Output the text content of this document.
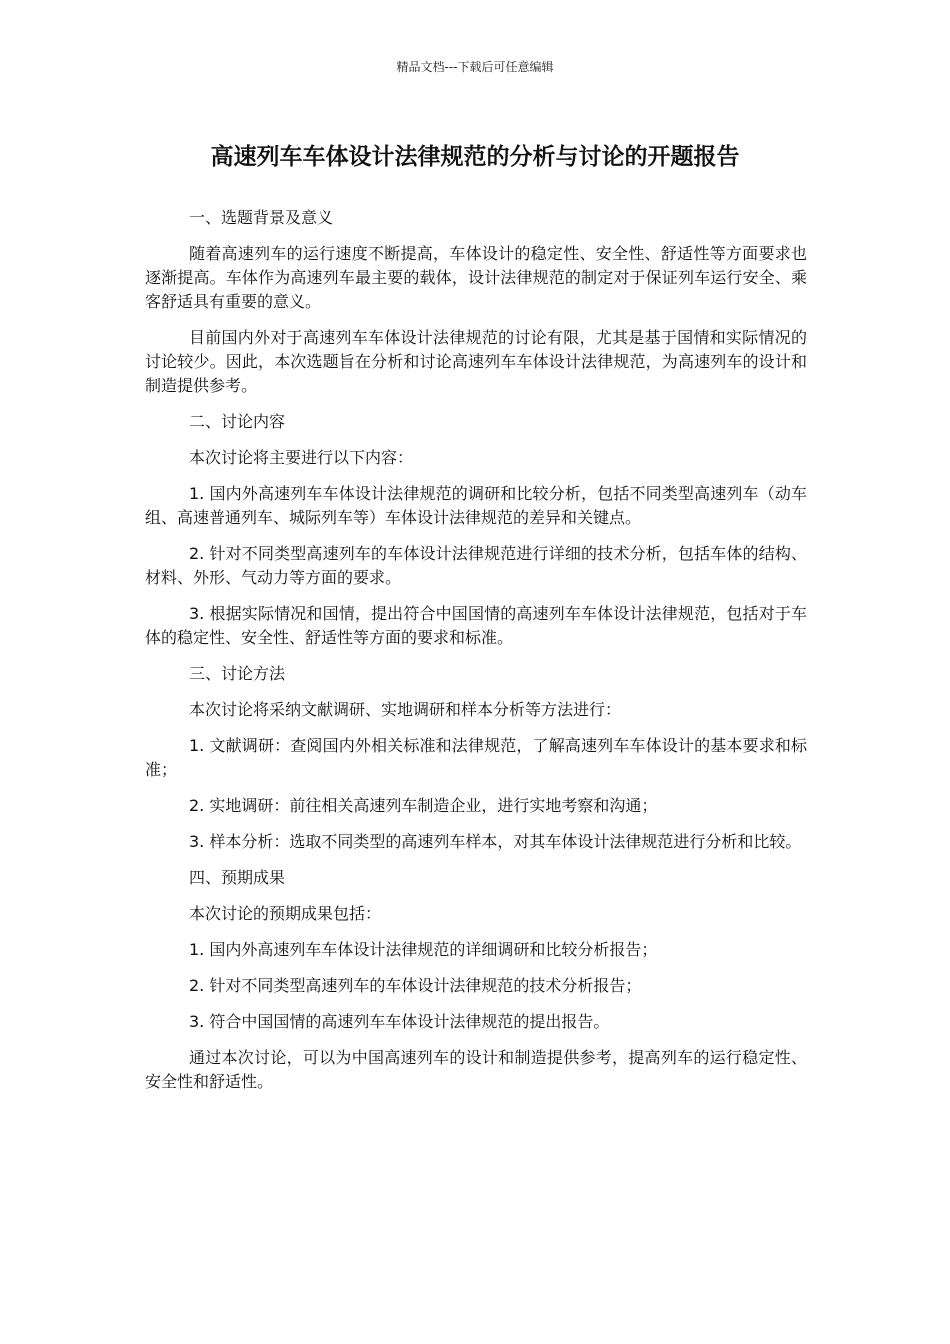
精品文档---下载后可任意编辑
高速列车车体设计法律规范的分析与讨论的开题报告

一、选题背景及意义

随着高速列车的运行速度不断提高，车体设计的稳定性、安全性、舒适性等方面要求也逐渐提高。车体作为高速列车最主要的载体，设计法律规范的制定对于保证列车运行安全、乘客舒适具有重要的意义。

目前国内外对于高速列车车体设计法律规范的讨论有限，尤其是基于国情和实际情况的讨论较少。因此，本次选题旨在分析和讨论高速列车车体设计法律规范，为高速列车的设计和制造提供参考。

二、讨论内容

本次讨论将主要进行以下内容：

1. 国内外高速列车车体设计法律规范的调研和比较分析，包括不同类型高速列车（动车组、高速普通列车、城际列车等）车体设计法律规范的差异和关键点。

2. 针对不同类型高速列车的车体设计法律规范进行详细的技术分析，包括车体的结构、材料、外形、气动力等方面的要求。

3. 根据实际情况和国情，提出符合中国国情的高速列车车体设计法律规范，包括对于车体的稳定性、安全性、舒适性等方面的要求和标准。

三、讨论方法

本次讨论将采纳文献调研、实地调研和样本分析等方法进行：

1. 文献调研：查阅国内外相关标准和法律规范，了解高速列车车体设计的基本要求和标准；

2. 实地调研：前往相关高速列车制造企业，进行实地考察和沟通；

3. 样本分析：选取不同类型的高速列车样本，对其车体设计法律规范进行分析和比较。

四、预期成果

本次讨论的预期成果包括：

1. 国内外高速列车车体设计法律规范的详细调研和比较分析报告；

2. 针对不同类型高速列车的车体设计法律规范的技术分析报告；

3. 符合中国国情的高速列车车体设计法律规范的提出报告。

通过本次讨论，可以为中国高速列车的设计和制造提供参考，提高列车的运行稳定性、安全性和舒适性。
